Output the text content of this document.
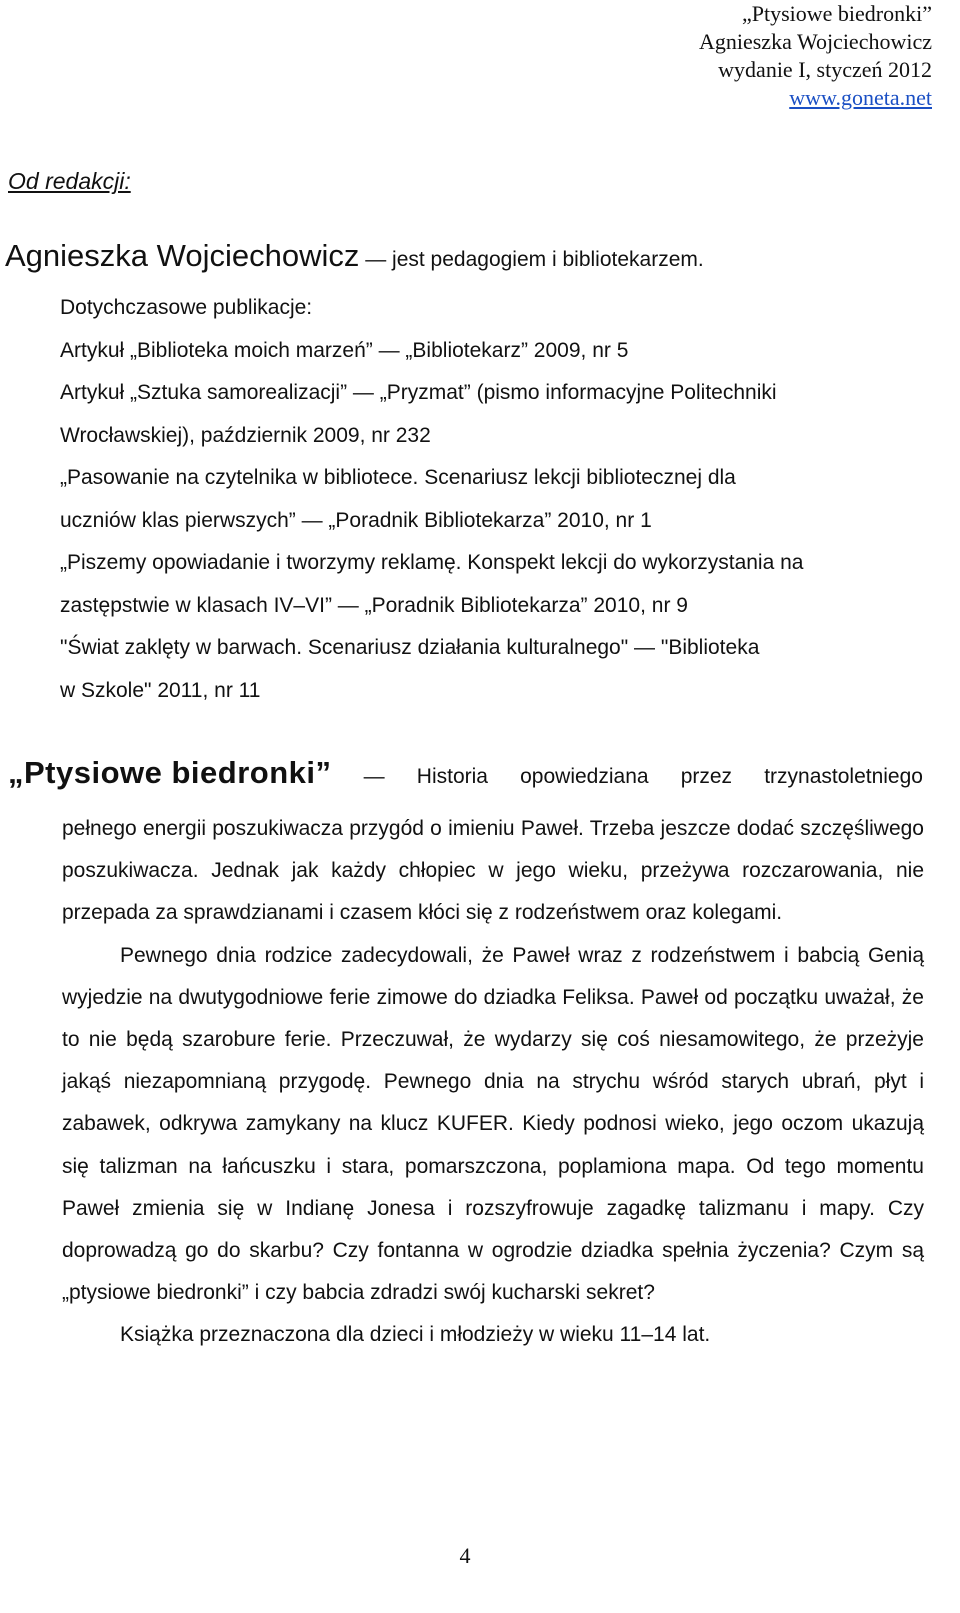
„Ptysiowe biedronki”
Agnieszka Wojciechowicz
wydanie I, styczeń 2012
www.goneta.net
Od redakcji:
Agnieszka Wojciechowicz — jest pedagogiem i bibliotekarzem.
Dotychczasowe publikacje:
Artykuł „Biblioteka moich marzeń” — „Bibliotekarz” 2009, nr 5
Artykuł „Sztuka samorealizacji” — „Pryzmat” (pismo informacyjne Politechniki
Wrocławskiej), październik 2009, nr 232
„Pasowanie na czytelnika w bibliotece. Scenariusz lekcji bibliotecznej dla
uczniów klas pierwszych” — „Poradnik Bibliotekarza” 2010, nr 1
„Piszemy opowiadanie i tworzymy reklamę. Konspekt lekcji do wykorzystania na
zastępstwie w klasach IV–VI” — „Poradnik Bibliotekarza” 2010, nr 9
"Świat zaklęty w barwach. Scenariusz działania kulturalnego" — "Biblioteka
w Szkole" 2011, nr 11
„Ptysiowe biedronki” — Historia opowiedziana przez trzynastoletniego

pełnego energii poszukiwacza przygód o imieniu Paweł. Trzeba jeszcze dodać szczęśliwego poszukiwacza. Jednak jak każdy chłopiec w jego wieku, przeżywa rozczarowania, nie przepada za sprawdzianami i czasem kłóci się z rodzeństwem oraz kolegami.

Pewnego dnia rodzice zadecydowali, że Paweł wraz z rodzeństwem i babcią Genią wyjedzie na dwutygodniowe ferie zimowe do dziadka Feliksa. Paweł od początku uważał, że to nie będą szarobure ferie. Przeczuwał, że wydarzy się coś niesamowitego, że przeżyje jakąś niezapomnianą przygodę. Pewnego dnia na strychu wśród starych ubrań, płyt i zabawek, odkrywa zamykany na klucz KUFER. Kiedy podnosi wieko, jego oczom ukazują się talizman na łańcuszku i stara, pomarszczona, poplamiona mapa. Od tego momentu Paweł zmienia się w Indianę Jonesa i rozszyfrowuje zagadkę talizmanu i mapy. Czy doprowadzą go do skarbu? Czy fontanna w ogrodzie dziadka spełnia życzenia? Czym są „ptysiowe biedronki” i czy babcia zdradzi swój kucharski sekret?

Książka przeznaczona dla dzieci i młodzieży w wieku 11–14 lat.

4
